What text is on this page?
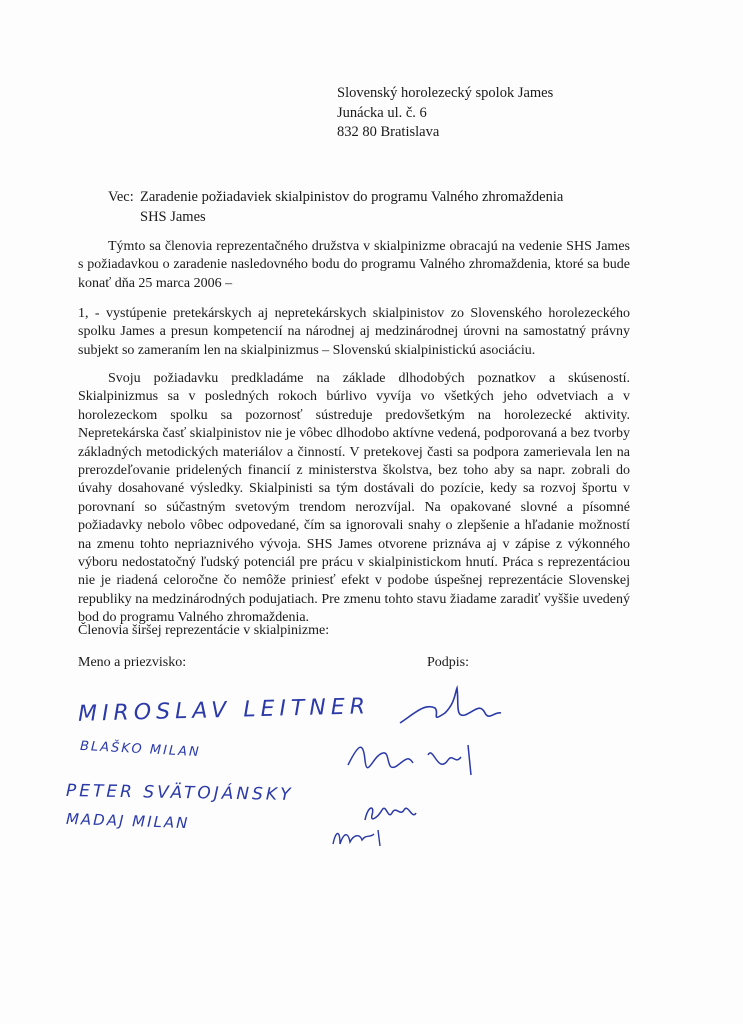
Slovenský horolezecký spolok James
Junácka ul. č. 6
832 80 Bratislava
Vec: Zaradenie požiadaviek skialpinistov do programu Valného zhromaždenia
SHS James
Týmto sa členovia reprezentačného družstva v skialpinizme obracajú na vedenie SHS James s požiadavkou o zaradenie nasledovného bodu do programu Valného zhromaždenia, ktoré sa bude konať dňa 25 marca 2006 –
1, - vystúpenie pretekárskych aj nepretekárskych skialpinistov zo Slovenského horolezeckého spolku James a presun kompetencií na národnej aj medzinárodnej úrovni na samostatný právny subjekt so zameraním len na skialpinizmus – Slovenskú skialpinistickú asociáciu.
Svoju požiadavku predkladáme na základe dlhodobých poznatkov a skúseností. Skialpinizmus sa v posledných rokoch búrlivo vyvíja vo všetkých jeho odvetviach a v horolezeckom spolku sa pozornosť sústreduje predovšetkým na horolezecké aktivity. Nepretekárska časť skialpinistov nie je vôbec dlhodobo aktívne vedená, podporovaná a bez tvorby základných metodických materiálov a činností. V pretekovej časti sa podpora zamerievala len na prerozdeľovanie pridelených financií z ministerstva školstva, bez toho aby sa napr. zobrali do úvahy dosahované výsledky. Skialpinisti sa tým dostávali do pozície, kedy sa rozvoj športu v porovnaní so súčastným svetovým trendom nerozvíjal. Na opakované slovné a písomné požiadavky nebolo vôbec odpovedané, čím sa ignorovali snahy o zlepšenie a hľadanie možností na zmenu tohto nepriaznivého vývoja. SHS James otvorene priznáva aj v zápise z výkonného výboru nedostatočný ľudský potenciál pre prácu v skialpinistickom hnutí. Práca s reprezentáciou nie je riadená celoročne čo nemôže priniesť efekt v podobe úspešnej reprezentácie Slovenskej republiky na medzinárodných podujatiach. Pre zmenu tohto stavu žiadame zaradiť vyššie uvedený bod do programu Valného zhromaždenia.
Členovia širšej reprezentácie v skialpinizme:
Meno a priezvisko:	Podpis:
MIROSLAV LEITNER
BLAŠKO MILAN
PETER SVÄTOJÁNSKY
MADAJ MILAN
